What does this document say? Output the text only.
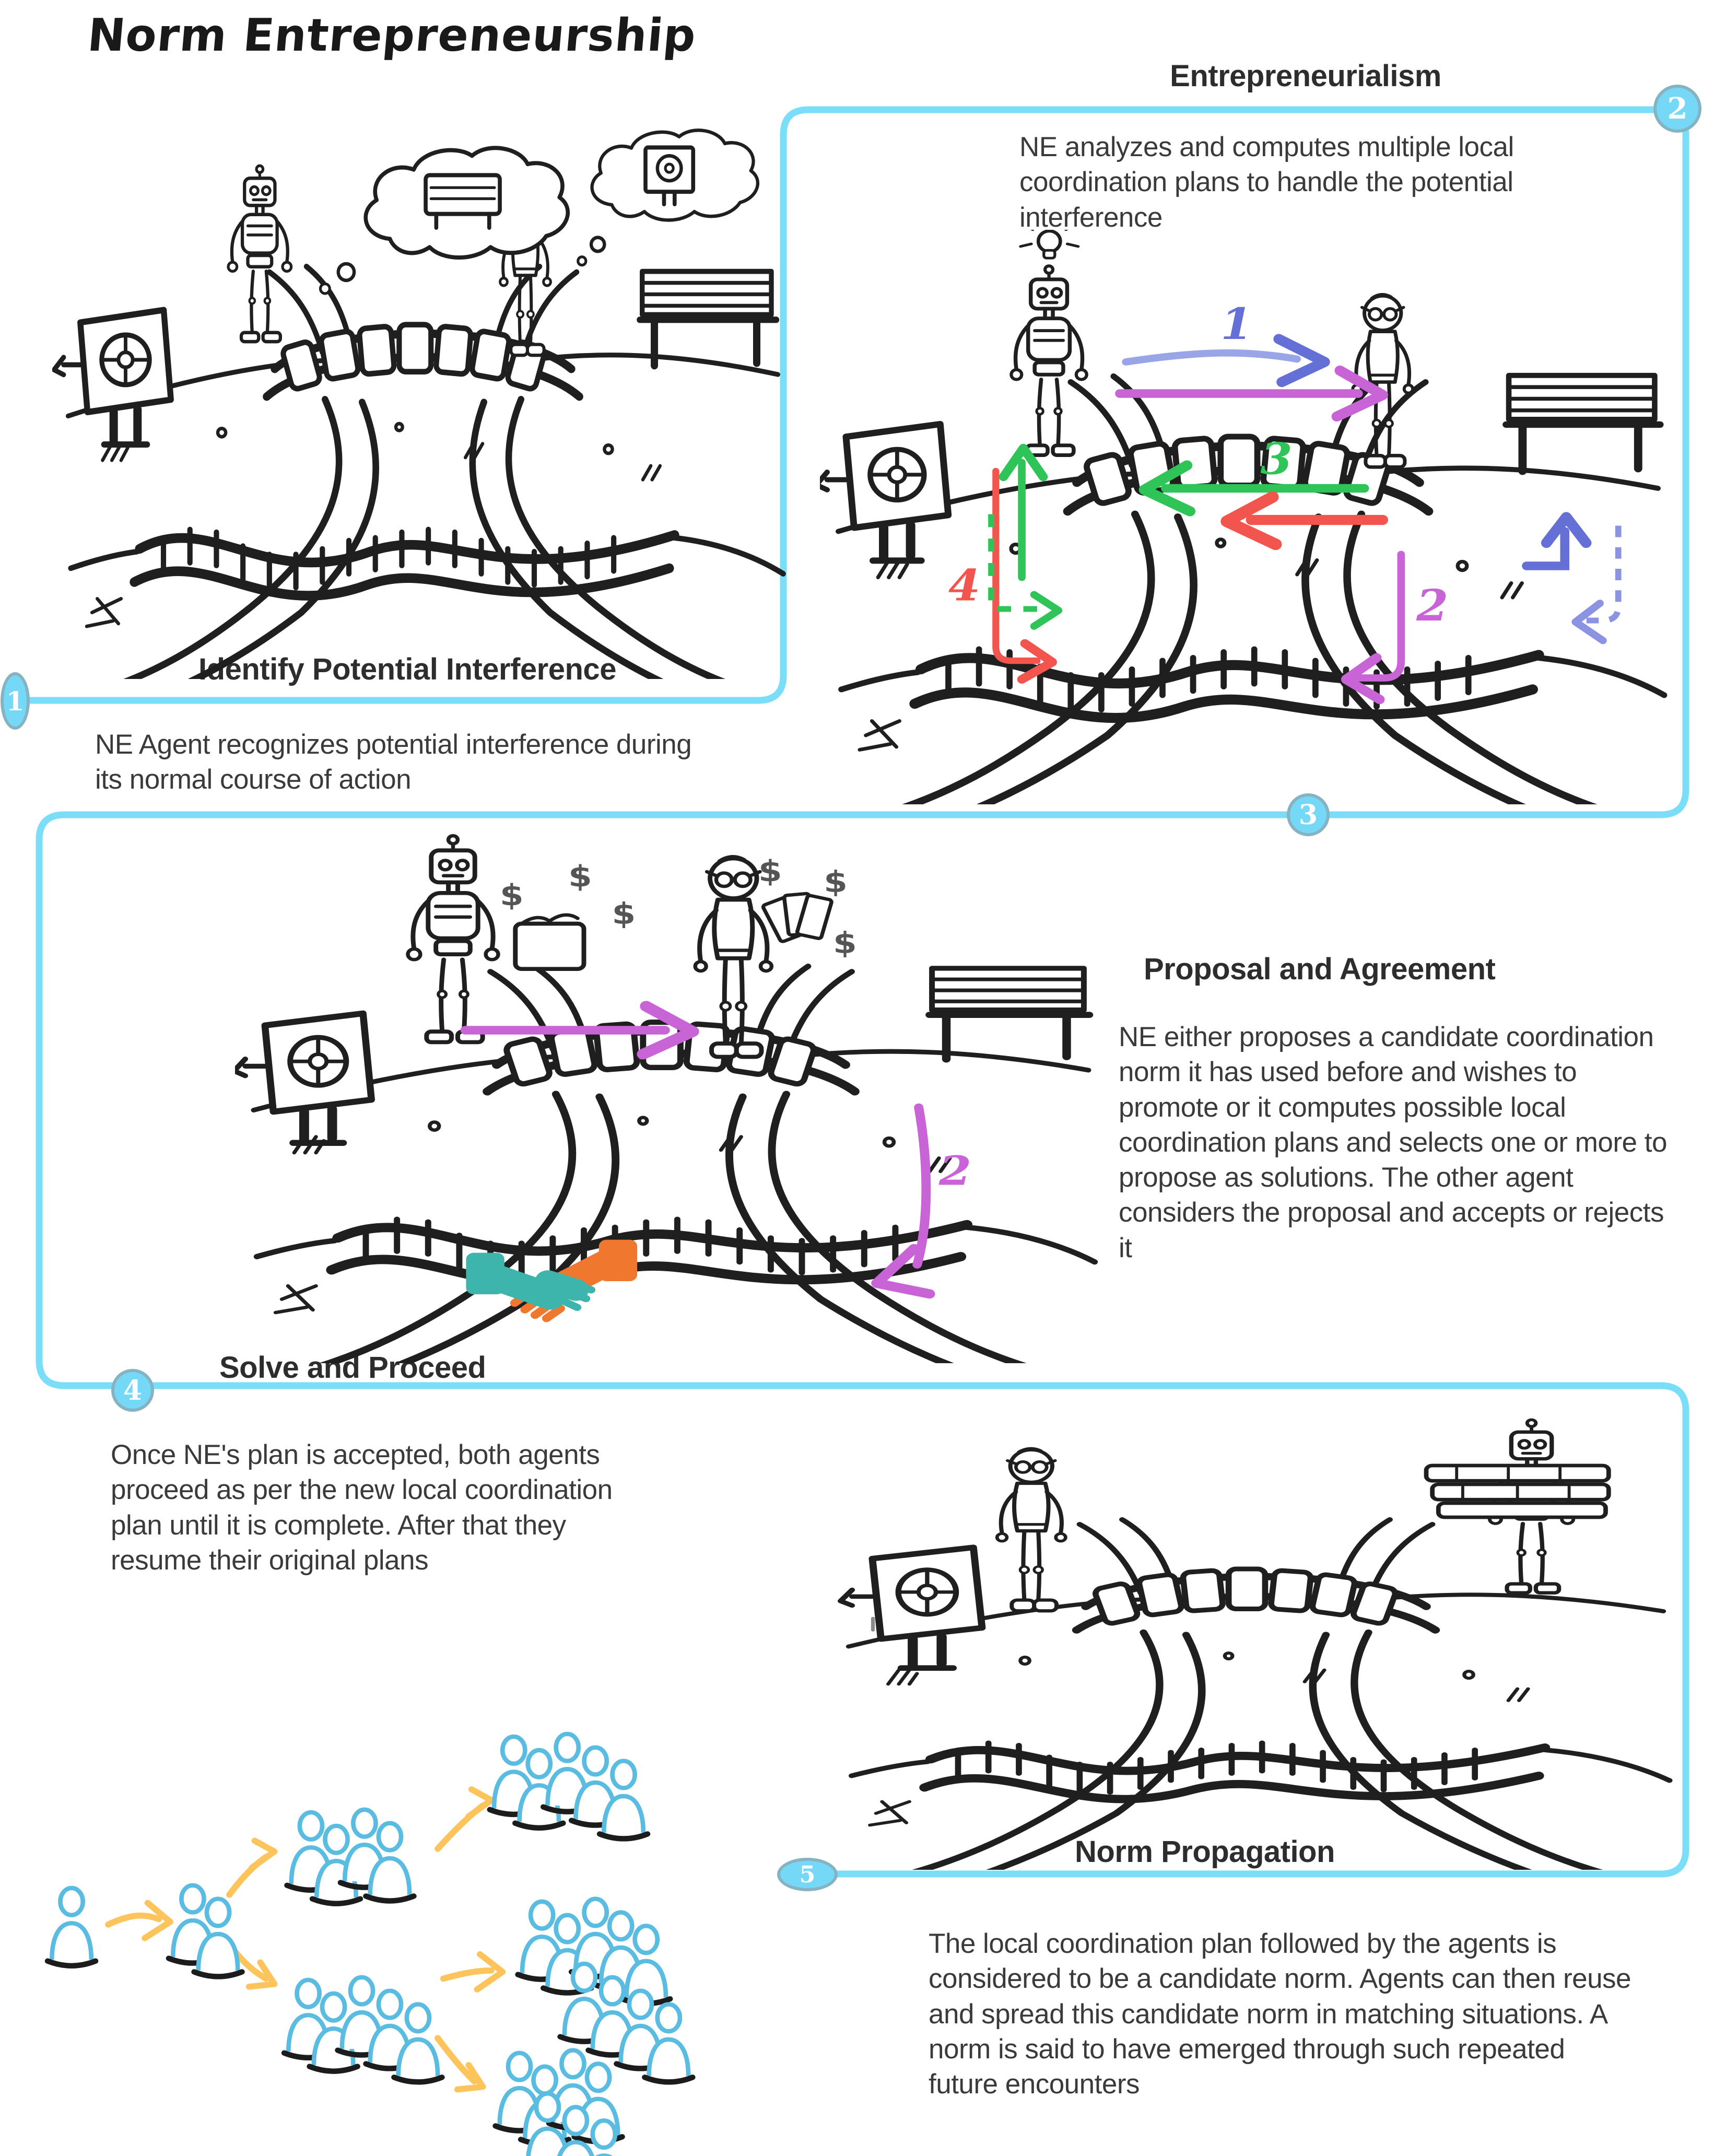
Norm Entrepreneurship
1
2
3
4
5
Entrepreneurialism
Identify Potential Interference
Proposal and Agreement
Solve and Proceed
Norm Propagation
NE analyzes and computes multiple local coordination plans to handle the potential interference
NE Agent recognizes potential interference during its normal course of action
NE either proposes a candidate coordination norm it has used before and wishes to promote or it computes possible local coordination plans and selects one or more to propose as solutions. The other agent considers the proposal and accepts or rejects it
Once NE's plan is accepted, both agents proceed as per the new local coordination plan until it is complete. After that they resume their original plans
The local coordination plan followed by the agents is considered to be a candidate norm. Agents can then reuse and spread this candidate norm in matching situations. A norm is said to have emerged through such repeated future encounters
1
3
4	2
$
$
$
$	$
$
2
